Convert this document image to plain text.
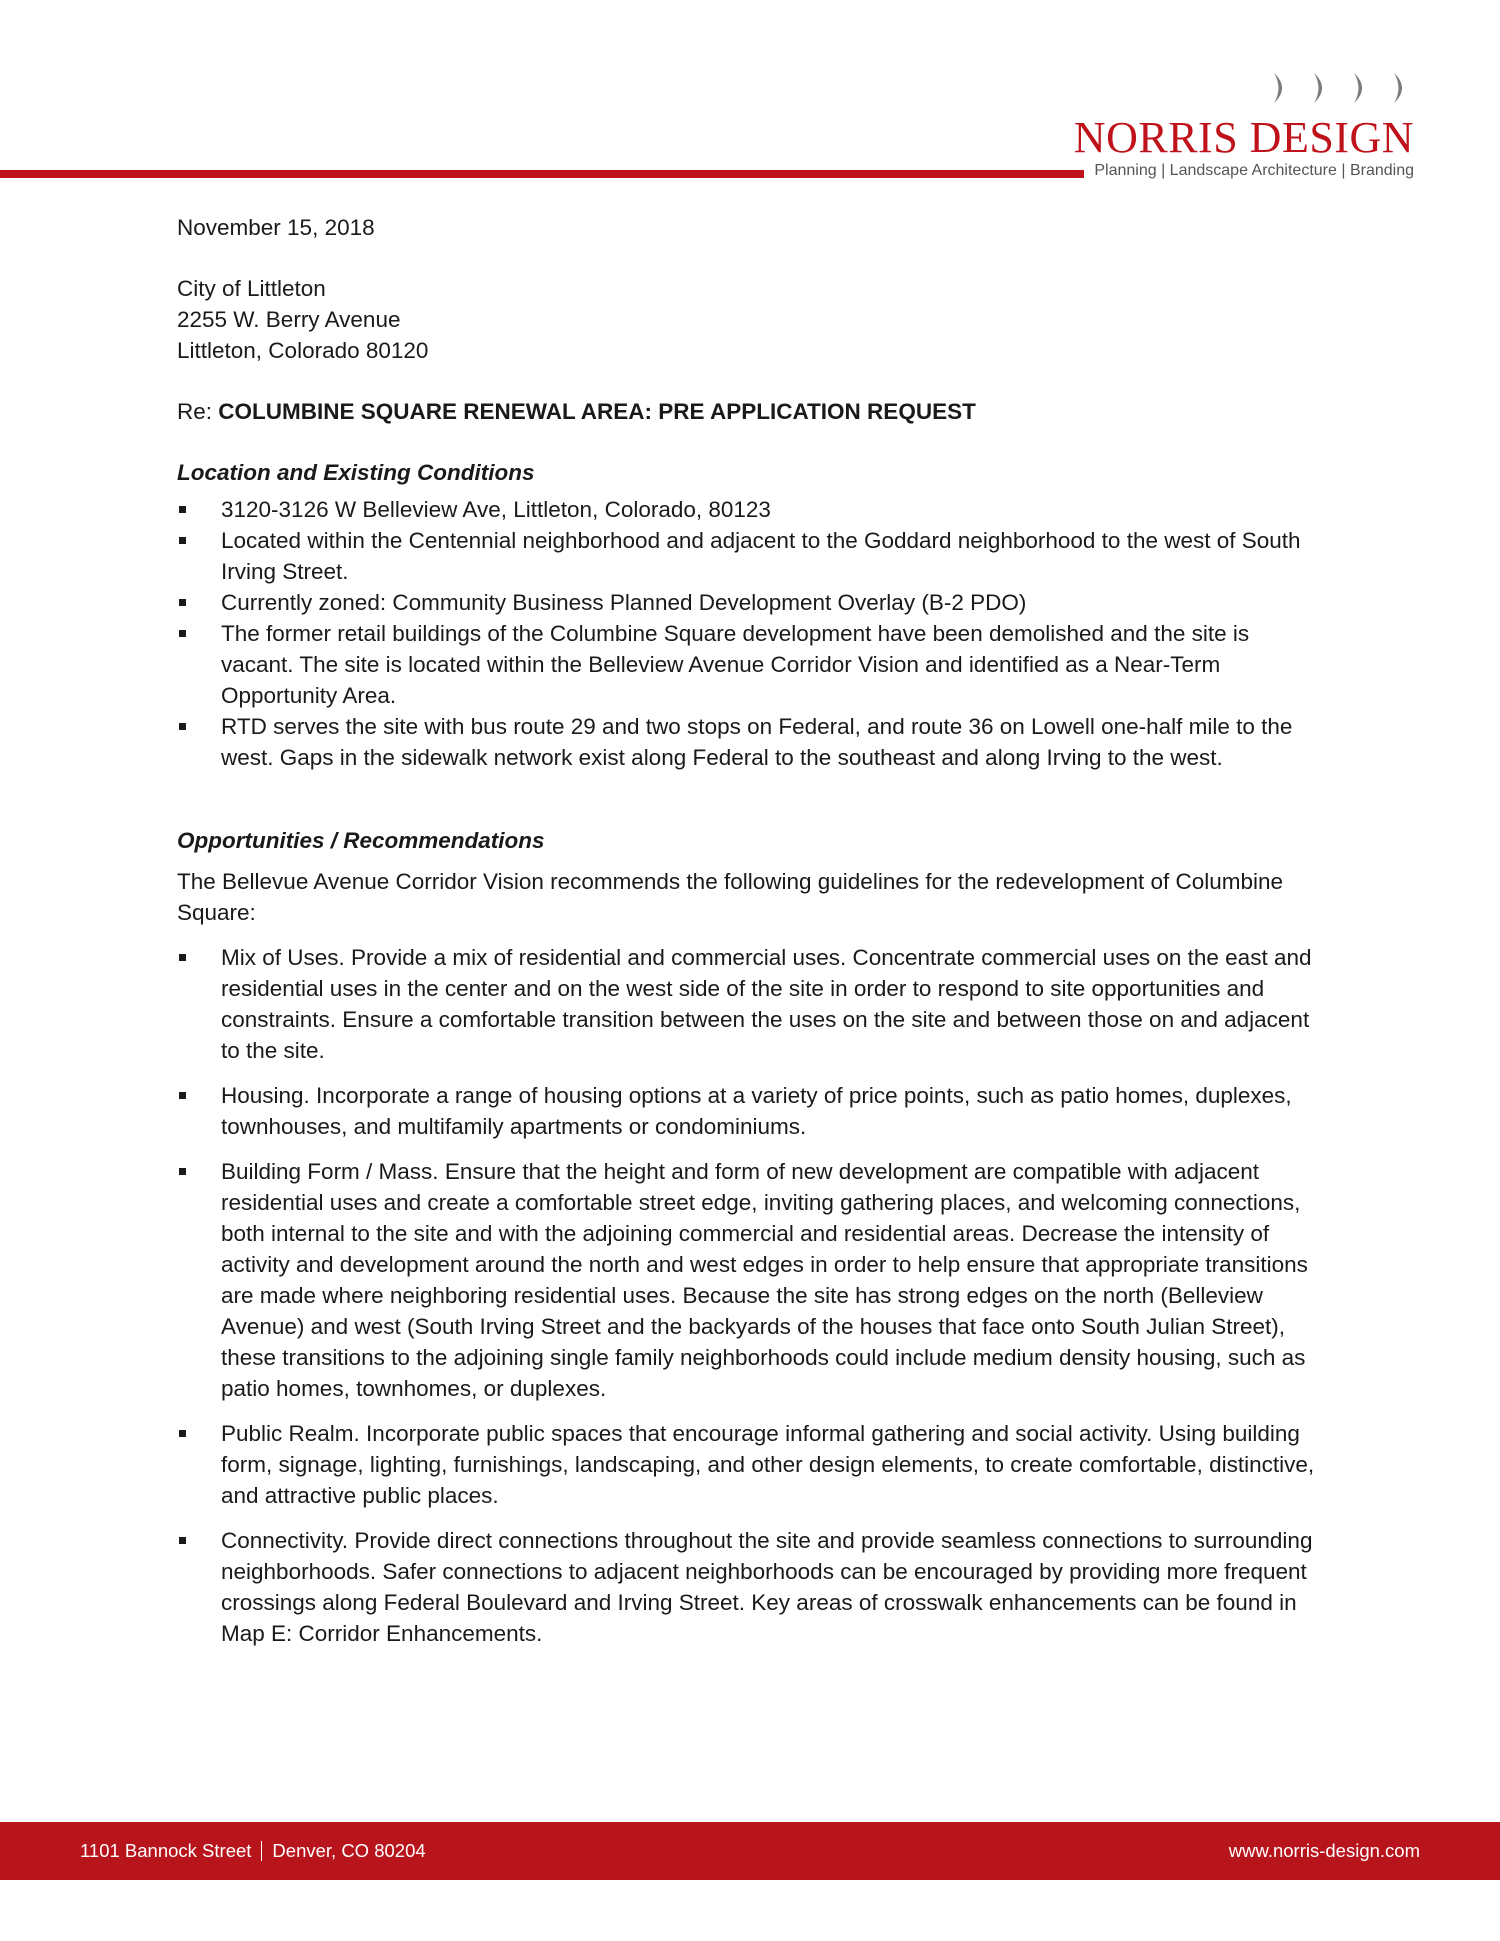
NORRIS DESIGN
Planning | Landscape Architecture | Branding
November 15, 2018
City of Littleton
2255 W. Berry Avenue
Littleton, Colorado 80120
Re: COLUMBINE SQUARE RENEWAL AREA: PRE APPLICATION REQUEST
Location and Existing Conditions
3120-3126 W Belleview Ave, Littleton, Colorado, 80123
Located within the Centennial neighborhood and adjacent to the Goddard neighborhood to the west of South Irving Street.
Currently zoned: Community Business Planned Development Overlay (B-2 PDO)
The former retail buildings of the Columbine Square development have been demolished and the site is vacant. The site is located within the Belleview Avenue Corridor Vision and identified as a Near-Term Opportunity Area.
RTD serves the site with bus route 29 and two stops on Federal, and route 36 on Lowell one-half mile to the west. Gaps in the sidewalk network exist along Federal to the southeast and along Irving to the west.
Opportunities / Recommendations
The Bellevue Avenue Corridor Vision recommends the following guidelines for the redevelopment of Columbine Square:
Mix of Uses. Provide a mix of residential and commercial uses. Concentrate commercial uses on the east and residential uses in the center and on the west side of the site in order to respond to site opportunities and constraints. Ensure a comfortable transition between the uses on the site and between those on and adjacent to the site.
Housing. Incorporate a range of housing options at a variety of price points, such as patio homes, duplexes, townhouses, and multifamily apartments or condominiums.
Building Form / Mass. Ensure that the height and form of new development are compatible with adjacent residential uses and create a comfortable street edge, inviting gathering places, and welcoming connections, both internal to the site and with the adjoining commercial and residential areas. Decrease the intensity of activity and development around the north and west edges in order to help ensure that appropriate transitions are made where neighboring residential uses. Because the site has strong edges on the north (Belleview Avenue) and west (South Irving Street and the backyards of the houses that face onto South Julian Street), these transitions to the adjoining single family neighborhoods could include medium density housing, such as patio homes, townhomes, or duplexes.
Public Realm. Incorporate public spaces that encourage informal gathering and social activity. Using building form, signage, lighting, furnishings, landscaping, and other design elements, to create comfortable, distinctive, and attractive public places.
Connectivity. Provide direct connections throughout the site and provide seamless connections to surrounding neighborhoods. Safer connections to adjacent neighborhoods can be encouraged by providing more frequent crossings along Federal Boulevard and Irving Street. Key areas of crosswalk enhancements can be found in Map E: Corridor Enhancements.
1101 Bannock Street Denver, CO 80204	www.norris-design.com
